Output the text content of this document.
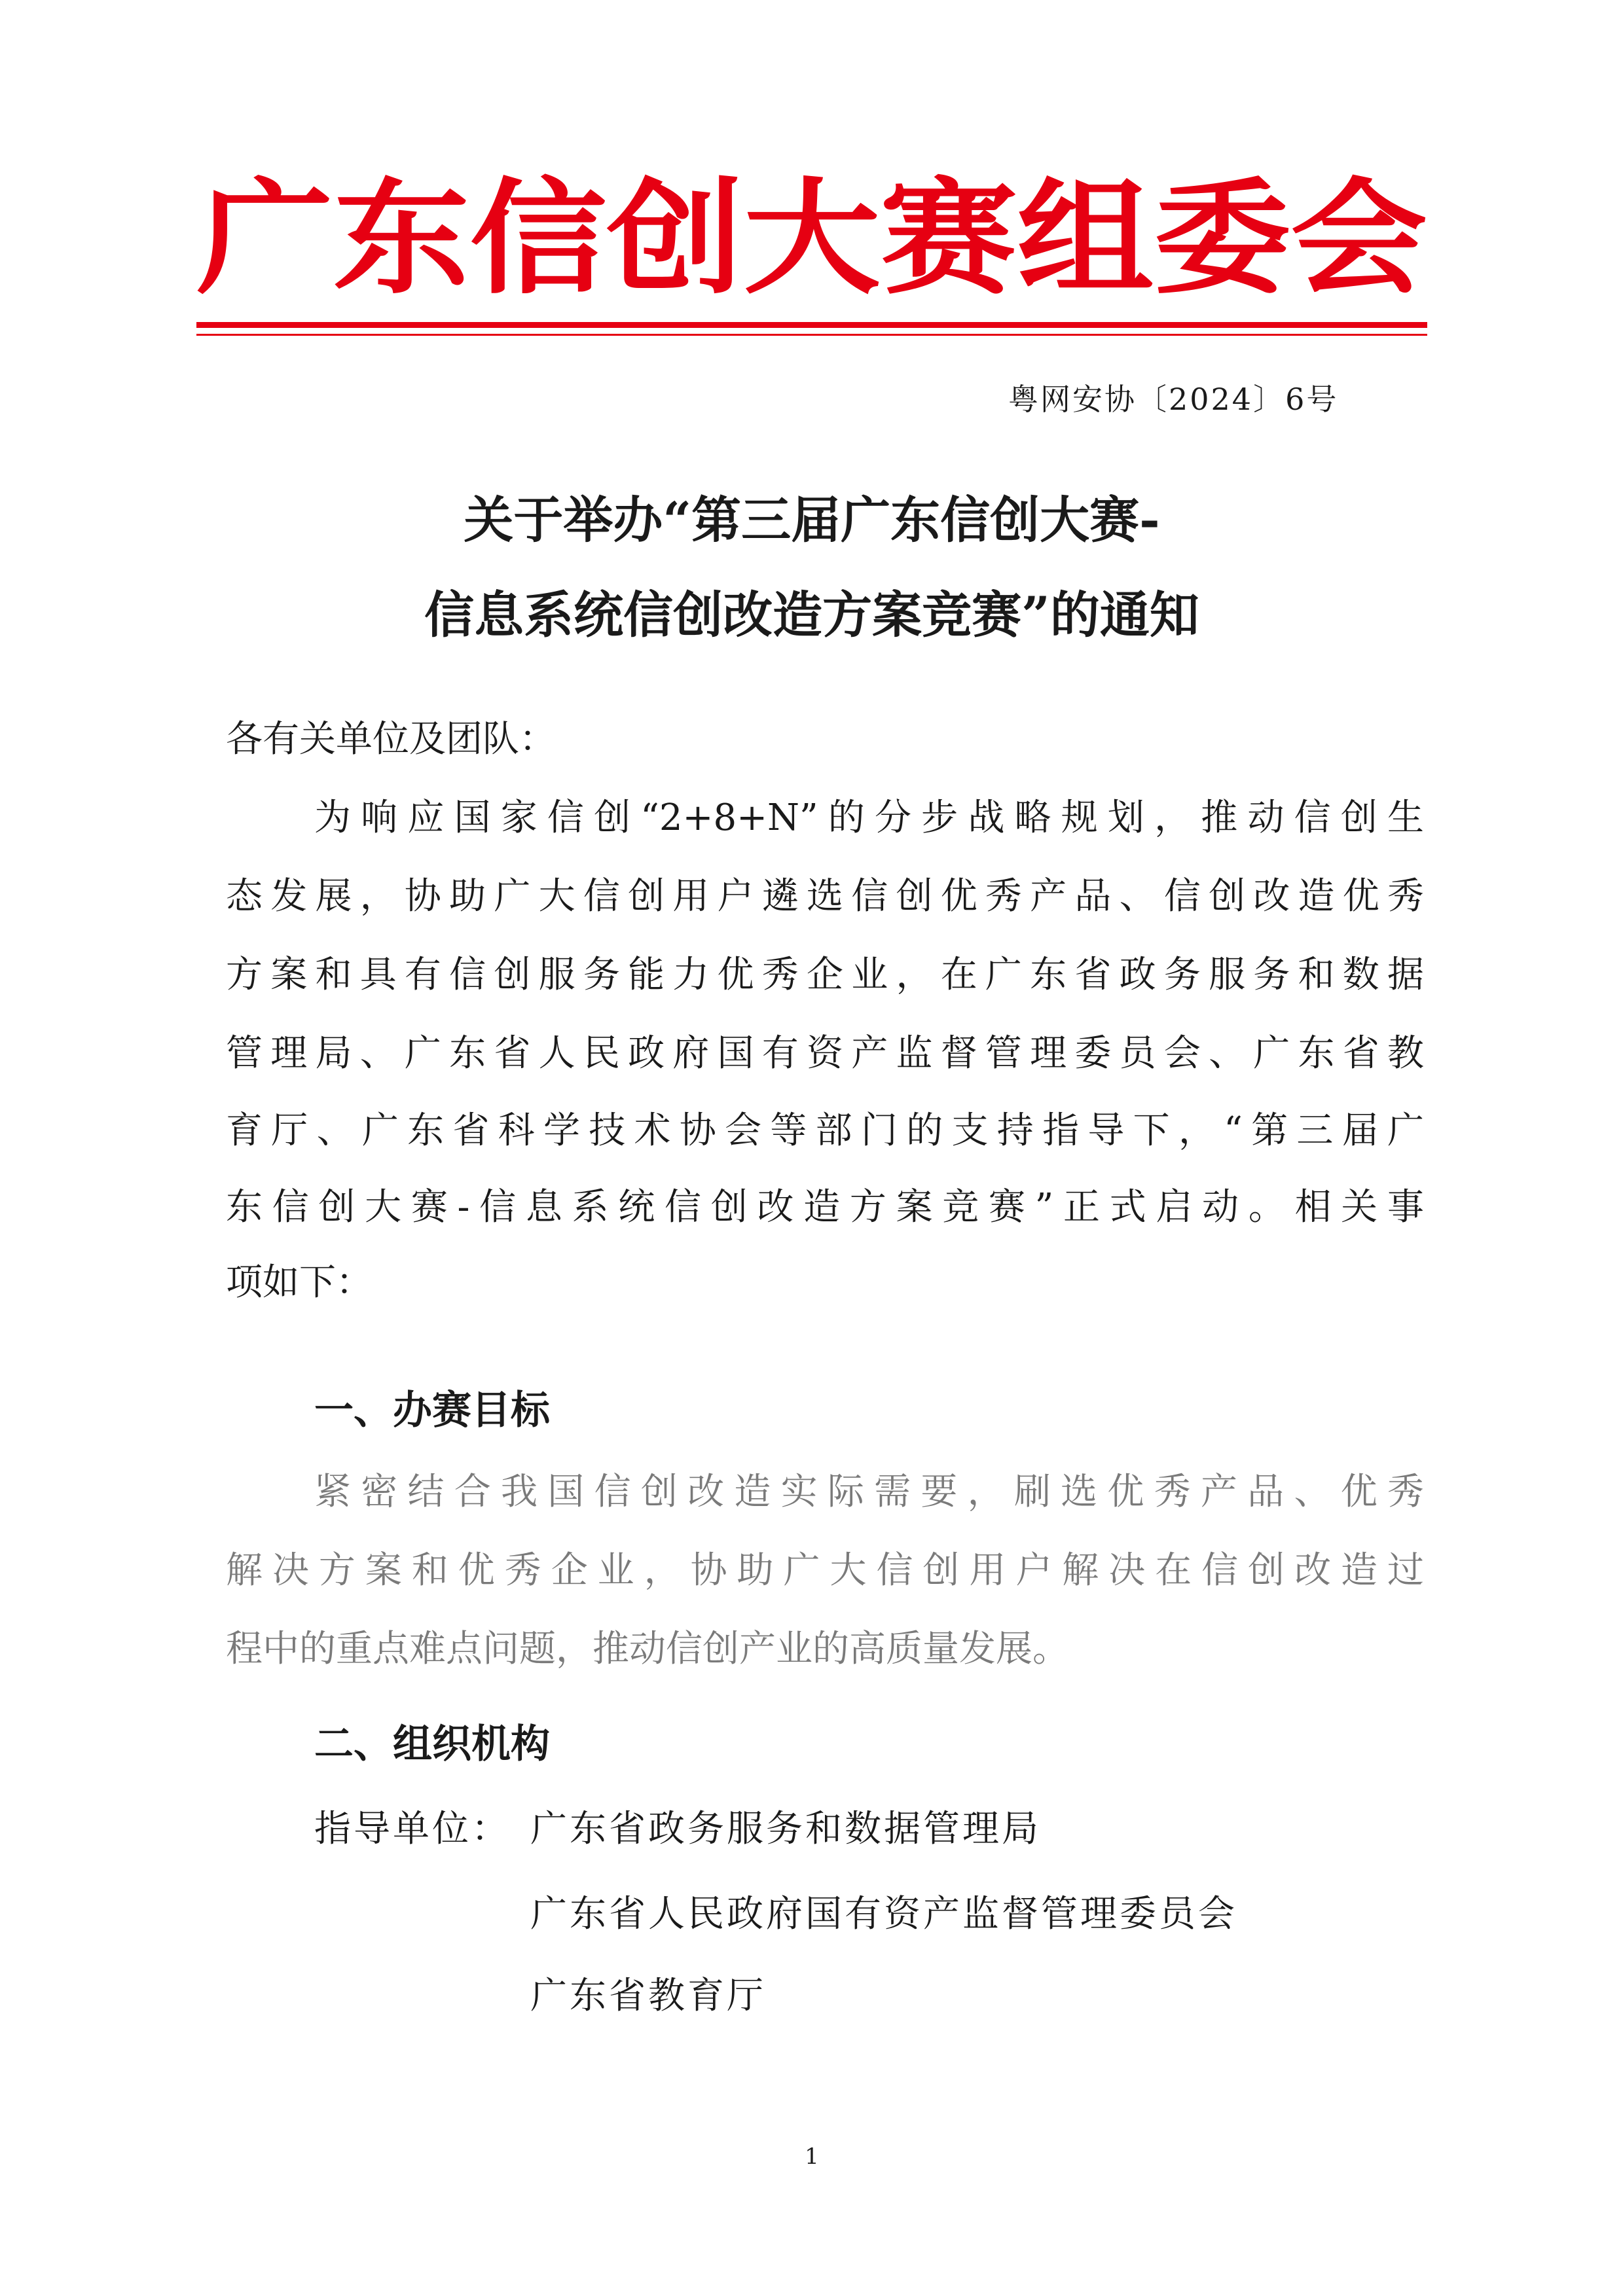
广东信创大赛组委会
粤网安协〔2024〕6号
关于举办“第三届广东信创大赛-
信息系统信创改造方案竞赛”的通知
各有关单位及团队：
为响应国家信创“2+8+N”的分步战略规划，推动信创生
态发展，协助广大信创用户遴选信创优秀产品、信创改造优秀
方案和具有信创服务能力优秀企业，在广东省政务服务和数据
管理局、广东省人民政府国有资产监督管理委员会、广东省教
育厅、广东省科学技术协会等部门的支持指导下，“第三届广
东信创大赛-信息系统信创改造方案竞赛”正式启动。相关事
项如下：
一、办赛目标
紧密结合我国信创改造实际需要，刷选优秀产品、优秀
解决方案和优秀企业，协助广大信创用户解决在信创改造过
程中的重点难点问题，推动信创产业的高质量发展。
二、组织机构
指导单位： 广东省政务服务和数据管理局
广东省人民政府国有资产监督管理委员会
广东省教育厅
1
